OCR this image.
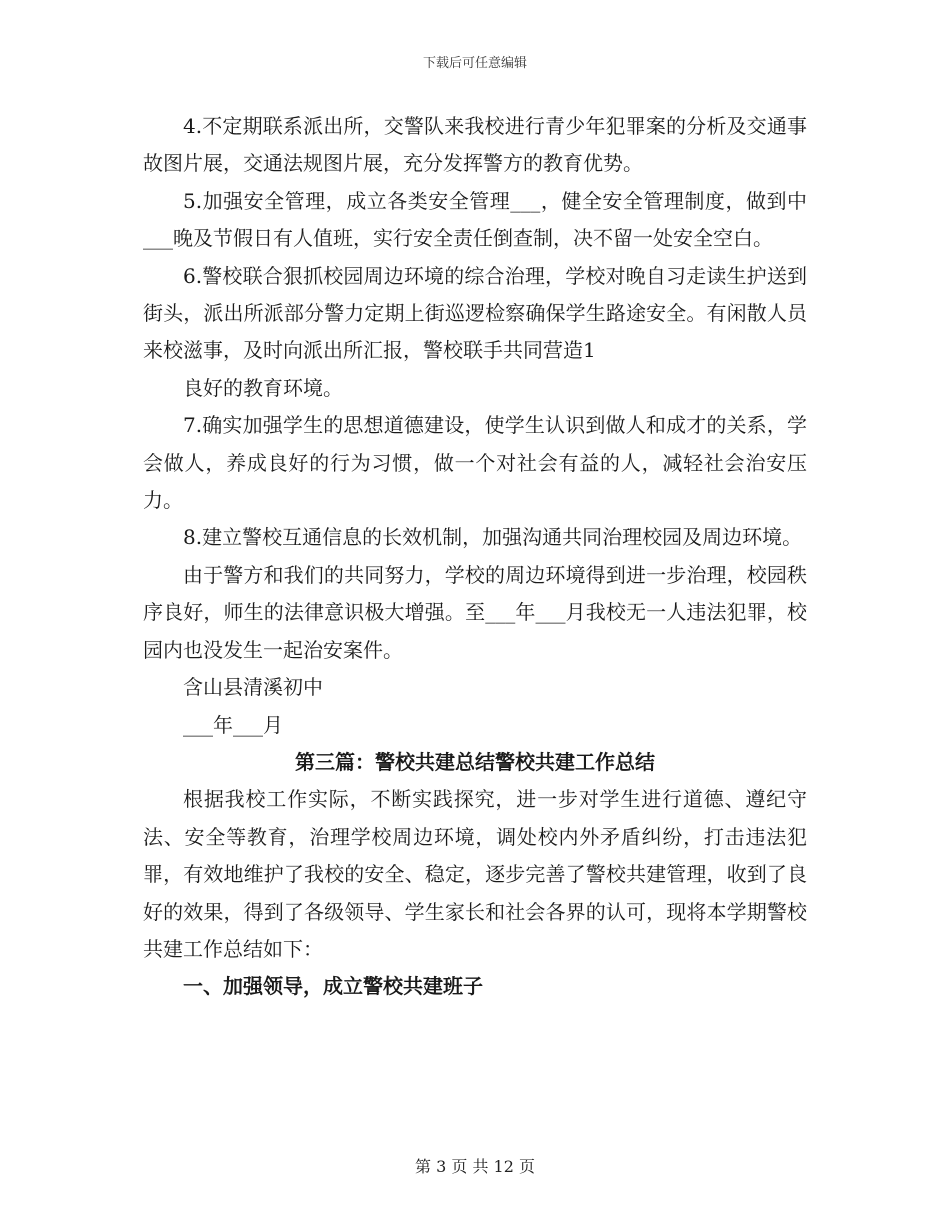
下载后可任意编辑

4.不定期联系派出所，交警队来我校进行青少年犯罪案的分析及交通事故图片展，交通法规图片展，充分发挥警方的教育优势。

5.加强安全管理，成立各类安全管理___，健全安全管理制度，做到中___晚及节假日有人值班，实行安全责任倒查制，决不留一处安全空白。

6.警校联合狠抓校园周边环境的综合治理，学校对晚自习走读生护送到街头，派出所派部分警力定期上街巡逻检察确保学生路途安全。有闲散人员来校滋事，及时向派出所汇报，警校联手共同营造1

良好的教育环境。

7.确实加强学生的思想道德建设，使学生认识到做人和成才的关系，学会做人，养成良好的行为习惯，做一个对社会有益的人，减轻社会治安压力。

8.建立警校互通信息的长效机制，加强沟通共同治理校园及周边环境。

由于警方和我们的共同努力，学校的周边环境得到进一步治理，校园秩序良好，师生的法律意识极大增强。至___年___月我校无一人违法犯罪，校园内也没发生一起治安案件。

含山县清溪初中

___年___月

第三篇：警校共建总结警校共建工作总结

根据我校工作实际，不断实践探究，进一步对学生进行道德、遵纪守法、安全等教育，治理学校周边环境，调处校内外矛盾纠纷，打击违法犯罪，有效地维护了我校的安全、稳定，逐步完善了警校共建管理，收到了良好的效果，得到了各级领导、学生家长和社会各界的认可，现将本学期警校共建工作总结如下：

一、加强领导，成立警校共建班子

第 3 页 共 12 页
